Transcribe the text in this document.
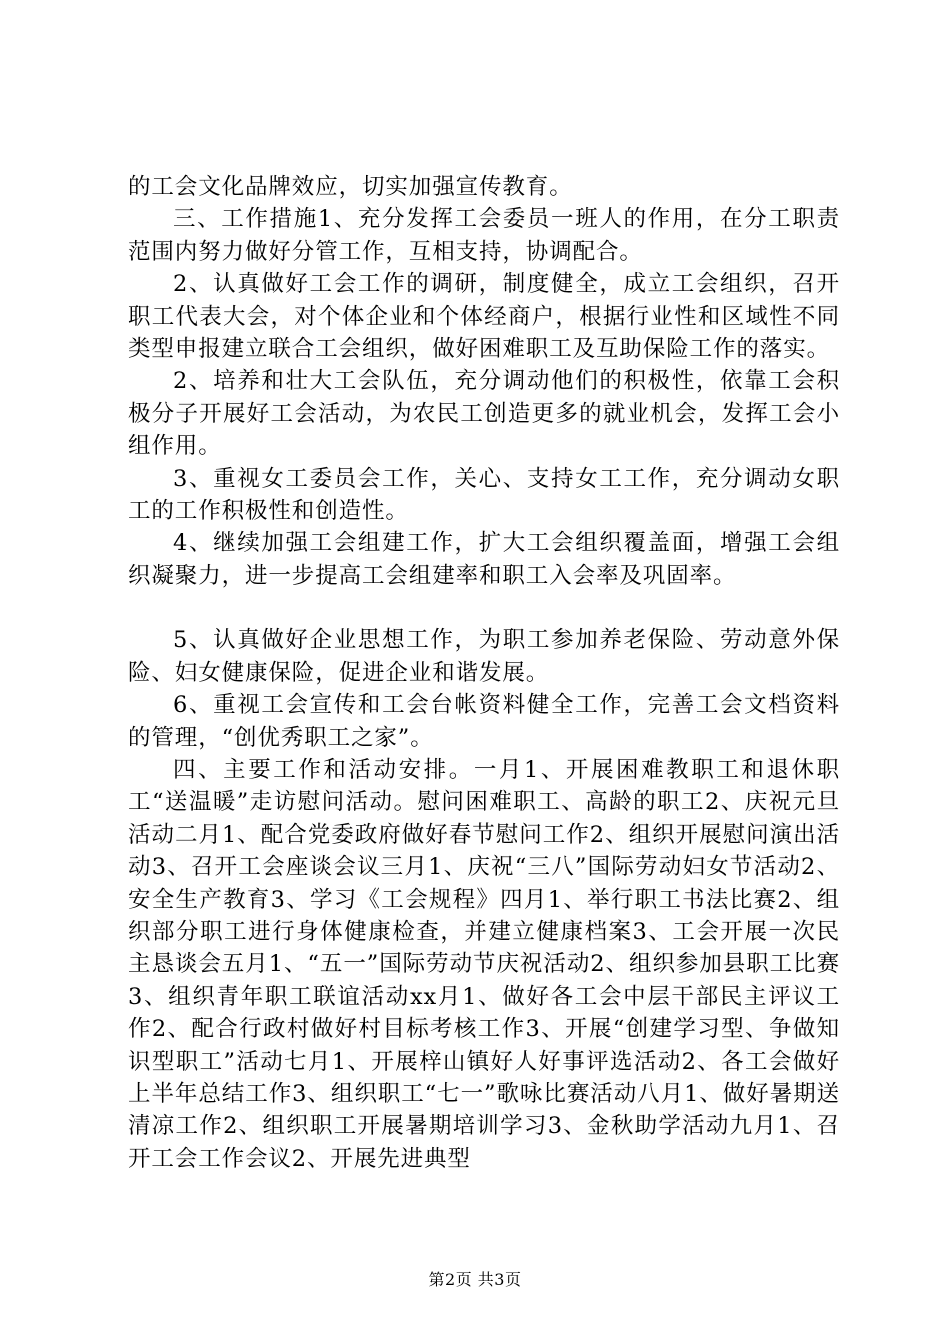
的工会文化品牌效应，切实加强宣传教育。

三、工作措施1、充分发挥工会委员一班人的作用，在分工职责范围内努力做好分管工作，互相支持，协调配合。

2、认真做好工会工作的调研，制度健全，成立工会组织，召开职工代表大会，对个体企业和个体经商户，根据行业性和区域性不同类型申报建立联合工会组织，做好困难职工及互助保险工作的落实。

2、培养和壮大工会队伍，充分调动他们的积极性，依靠工会积极分子开展好工会活动，为农民工创造更多的就业机会，发挥工会小组作用。

3、重视女工委员会工作，关心、支持女工工作，充分调动女职工的工作积极性和创造性。

4、继续加强工会组建工作，扩大工会组织覆盖面，增强工会组织凝聚力，进一步提高工会组建率和职工入会率及巩固率。

5、认真做好企业思想工作，为职工参加养老保险、劳动意外保险、妇女健康保险，促进企业和谐发展。

6、重视工会宣传和工会台帐资料健全工作，完善工会文档资料的管理，“创优秀职工之家”。

四、主要工作和活动安排。一月1、开展困难教职工和退休职工“送温暖”走访慰问活动。慰问困难职工、高龄的职工2、庆祝元旦活动二月1、配合党委政府做好春节慰问工作2、组织开展慰问演出活动3、召开工会座谈会议三月1、庆祝“三八”国际劳动妇女节活动2、安全生产教育3、学习《工会规程》四月1、举行职工书法比赛2、组织部分职工进行身体健康检查，并建立健康档案3、工会开展一次民主恳谈会五月1、“五一”国际劳动节庆祝活动2、组织参加县职工比赛3、组织青年职工联谊活动xx月1、做好各工会中层干部民主评议工作2、配合行政村做好村目标考核工作3、开展“创建学习型、争做知识型职工”活动七月1、开展梓山镇好人好事评选活动2、各工会做好上半年总结工作3、组织职工“七一”歌咏比赛活动八月1、做好暑期送清凉工作2、组织职工开展暑期培训学习3、金秋助学活动九月1、召开工会工作会议2、开展先进典型

第2页 共3页
